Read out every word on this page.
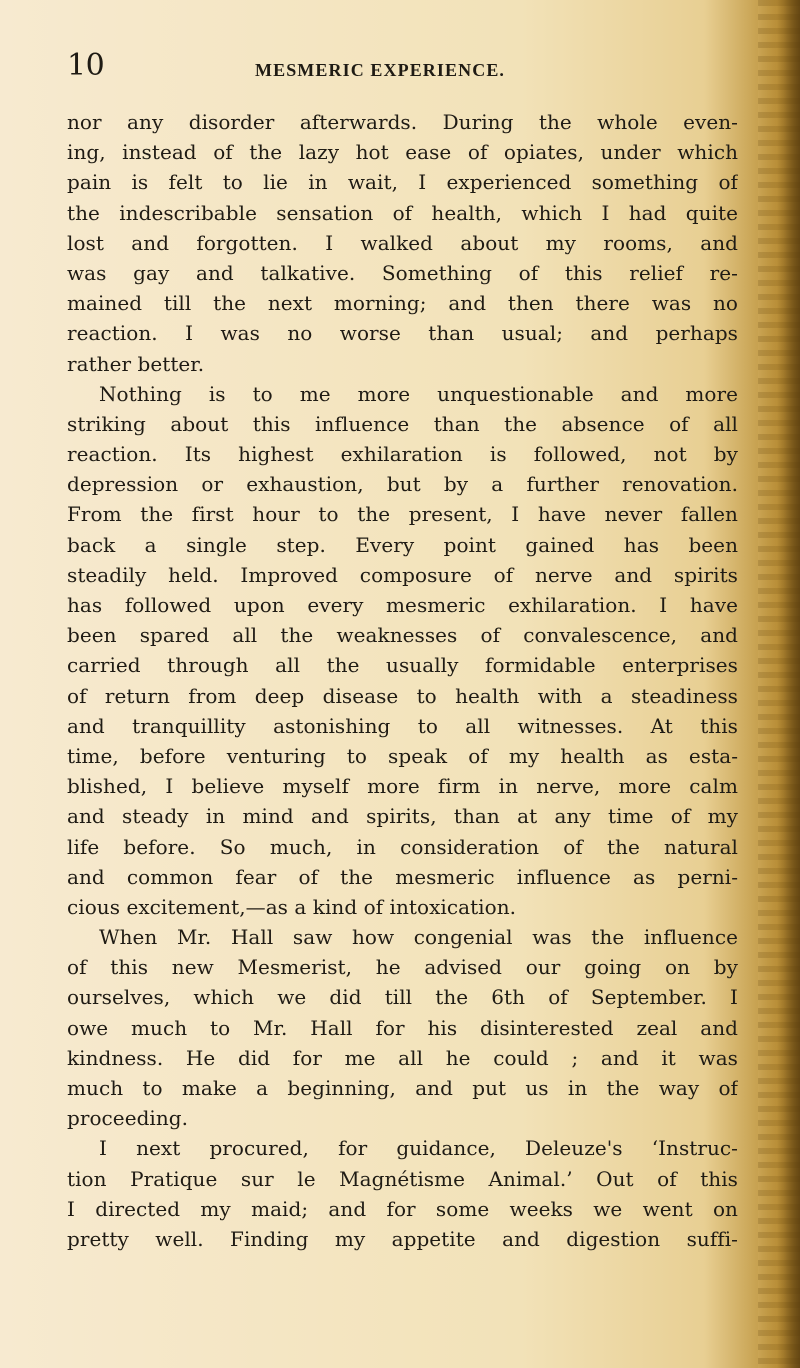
10	MESMERIC EXPERIENCE.
nor any disorder afterwards. During the whole even-
ing, instead of the lazy hot ease of opiates, under which
pain is felt to lie in wait, I experienced something of
the indescribable sensation of health, which I had quite
lost and forgotten. I walked about my rooms, and
was gay and talkative. Something of this relief re-
mained till the next morning; and then there was no
reaction. I was no worse than usual; and perhaps
rather better.
Nothing is to me more unquestionable and more
striking about this influence than the absence of all
reaction. Its highest exhilaration is followed, not by
depression or exhaustion, but by a further renovation.
From the first hour to the present, I have never fallen
back a single step. Every point gained has been
steadily held. Improved composure of nerve and spirits
has followed upon every mesmeric exhilaration. I have
been spared all the weaknesses of convalescence, and
carried through all the usually formidable enterprises
of return from deep disease to health with a steadiness
and tranquillity astonishing to all witnesses. At this
time, before venturing to speak of my health as esta-
blished, I believe myself more firm in nerve, more calm
and steady in mind and spirits, than at any time of my
life before. So much, in consideration of the natural
and common fear of the mesmeric influence as perni-
cious excitement,—as a kind of intoxication.
When Mr. Hall saw how congenial was the influence
of this new Mesmerist, he advised our going on by
ourselves, which we did till the 6th of September. I
owe much to Mr. Hall for his disinterested zeal and
kindness. He did for me all he could ; and it was
much to make a beginning, and put us in the way of
proceeding.
I next procured, for guidance, Deleuze's ‘Instruc-
tion Pratique sur le Magnétisme Animal.’ Out of this
I directed my maid; and for some weeks we went on
pretty well. Finding my appetite and digestion suffi-
